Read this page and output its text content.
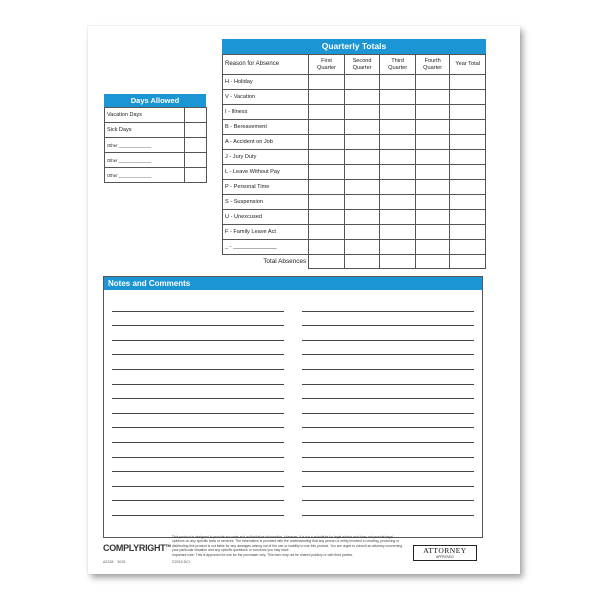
Quarterly Totals
Reason for Absence	First Quarter	Second Quarter	Third Quarter	Fourth Quarter	Year Total
H - Holiday					
V - Vacation					
I - Illness					
B - Bereavement					
A - Accident on Job					
J - Jury Duty					
L - Leave Without Pay					
P - Personal Time					
S - Suspension					
U - Unexcused					
F - Family Leave Act					
_ - ______________					
Total Absences					
Days Allowed
Vacation Days	
Sick Days	
Other ______________	
Other ______________	
Other ______________	
Notes and Comments
COMPLYRIGHT™
A2128 2015	©2015 DCI
This product is designed to provide accurate and authoritative information. However, it is not a substitute for legal advice and does not provide legal opinions on any specific facts or services. The information is provided with the understanding that any person or entity involved in creating, producing or distributing this product is not liable for any damages arising out of the use or inability to use this product. You are urged to consult an attorney concerning your particular situation and any specific questions or concerns you may have.
Important note: This is approved for use for the purchaser only. This form may not be shared publicly or with third parties.	ATTORNEY
APPROVED
